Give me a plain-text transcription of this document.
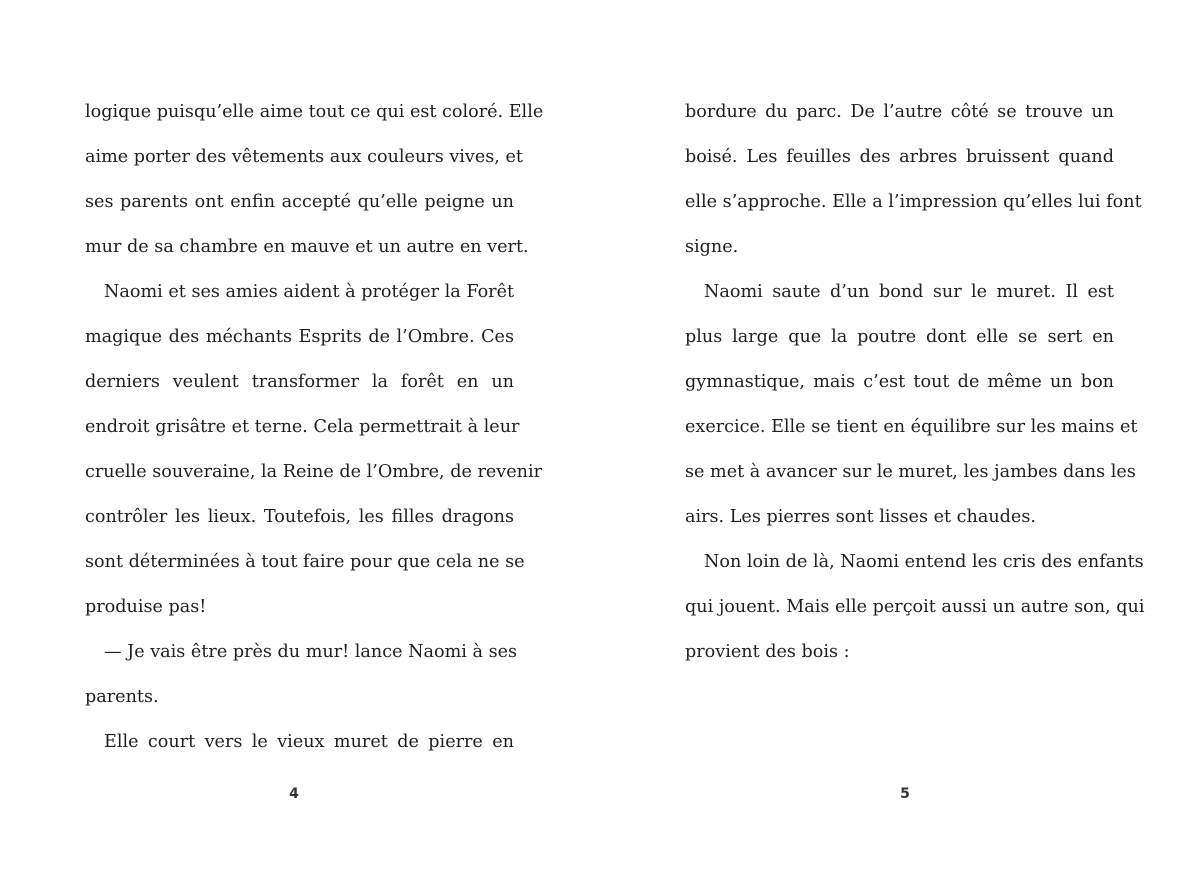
logique puisqu’elle aime tout ce qui est coloré. Elle
aime porter des vêtements aux couleurs vives, et
ses parents ont enfin accepté qu’elle peigne un
mur de sa chambre en mauve et un autre en vert.
Naomi et ses amies aident à protéger la Forêt
magique des méchants Esprits de l’Ombre. Ces
derniers veulent transformer la forêt en un
endroit grisâtre et terne. Cela permettrait à leur
cruelle souveraine, la Reine de l’Ombre, de revenir
contrôler les lieux. Toutefois, les filles dragons
sont déterminées à tout faire pour que cela ne se
produise pas!
— Je vais être près du mur! lance Naomi à ses
parents.
Elle court vers le vieux muret de pierre en
4
bordure du parc. De l’autre côté se trouve un
boisé. Les feuilles des arbres bruissent quand
elle s’approche. Elle a l’impression qu’elles lui font
signe.
Naomi saute d’un bond sur le muret. Il est
plus large que la poutre dont elle se sert en
gymnastique, mais c’est tout de même un bon
exercice. Elle se tient en équilibre sur les mains et
se met à avancer sur le muret, les jambes dans les
airs. Les pierres sont lisses et chaudes.
Non loin de là, Naomi entend les cris des enfants
qui jouent. Mais elle perçoit aussi un autre son, qui
provient des bois :
5
